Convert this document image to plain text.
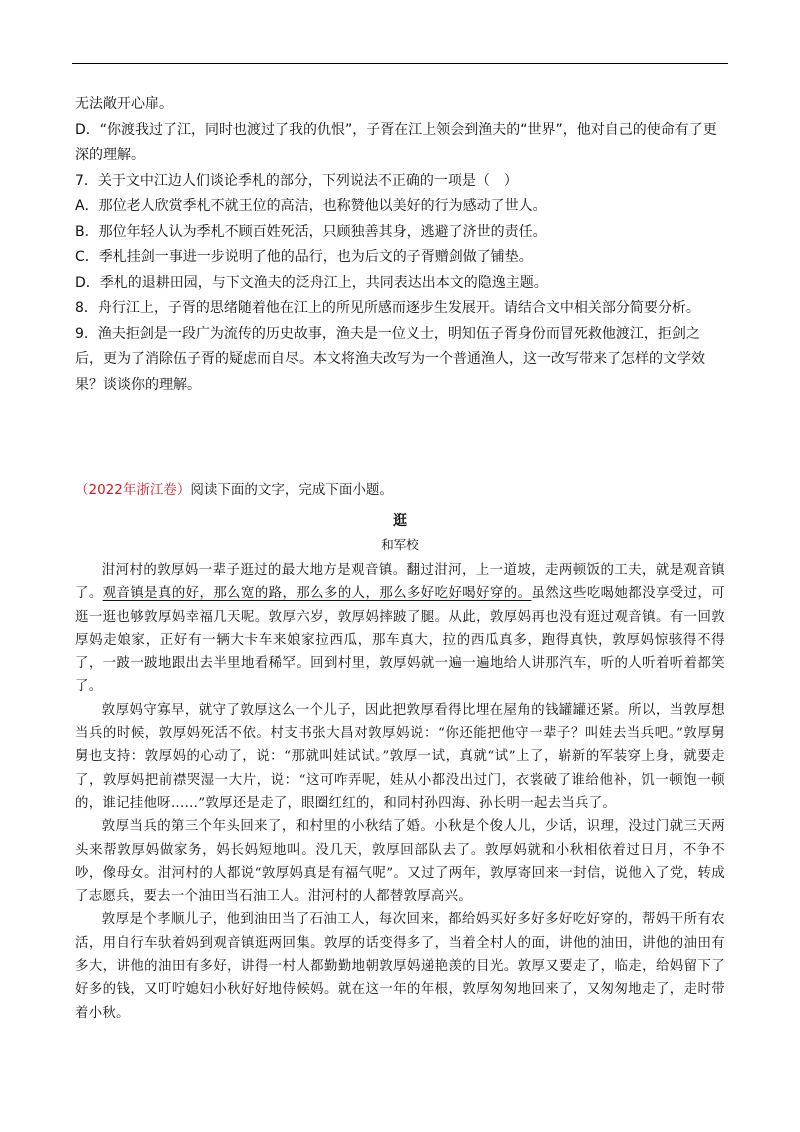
无法敞开心扉。

D．“你渡我过了江，同时也渡过了我的仇恨”，子胥在江上领会到渔夫的“世界”，他对自己的使命有了更深的理解。

7．关于文中江边人们谈论季札的部分，下列说法不正确的一项是（　）

A．那位老人欣赏季札不就王位的高洁，也称赞他以美好的行为感动了世人。

B．那位年轻人认为季札不顾百姓死活，只顾独善其身，逃避了济世的责任。

C．季札挂剑一事进一步说明了他的品行，也为后文的子胥赠剑做了铺垫。

D．季札的退耕田园，与下文渔夫的泛舟江上，共同表达出本文的隐逸主题。

8．舟行江上，子胥的思绪随着他在江上的所见所感而逐步生发展开。请结合文中相关部分简要分析。

9．渔夫拒剑是一段广为流传的历史故事，渔夫是一位义士，明知伍子胥身份而冒死救他渡江，拒剑之后，更为了消除伍子胥的疑虑而自尽。本文将渔夫改写为一个普通渔人，这一改写带来了怎样的文学效果？谈谈你的理解。

（2022年浙江卷）阅读下面的文字，完成下面小题。

逛

和军校

泔河村的敦厚妈一辈子逛过的最大地方是观音镇。翻过泔河，上一道坡，走两顿饭的工夫，就是观音镇了。观音镇是真的好，那么宽的路，那么多的人，那么多好吃好喝好穿的。虽然这些吃喝她都没享受过，可逛一逛也够敦厚妈幸福几天呢。敦厚六岁，敦厚妈摔跛了腿。从此，敦厚妈再也没有逛过观音镇。有一回敦厚妈走娘家，正好有一辆大卡车来娘家拉西瓜，那车真大，拉的西瓜真多，跑得真快，敦厚妈惊骇得不得了，一跛一跛地跟出去半里地看稀罕。回到村里，敦厚妈就一遍一遍地给人讲那汽车，听的人听着听着都笑了。

敦厚妈守寡早，就守了敦厚这么一个儿子，因此把敦厚看得比埋在屋角的钱罐罐还紧。所以，当敦厚想当兵的时候，敦厚妈死活不依。村支书张大昌对敦厚妈说：“你还能把他守一辈子？叫娃去当兵吧。”敦厚舅舅也支持：敦厚妈的心动了，说：“那就叫娃试试。”敦厚一试，真就“试”上了，崭新的军装穿上身，就要走了，敦厚妈把前襟哭湿一大片，说：“这可咋弄呢，娃从小都没出过门，衣裳破了谁给他补，饥一顿饱一顿的，谁记挂他呀……”敦厚还是走了，眼圈红红的，和同村孙四海、孙长明一起去当兵了。

敦厚当兵的第三个年头回来了，和村里的小秋结了婚。小秋是个俊人儿，少话，识理，没过门就三天两头来帮敦厚妈做家务，妈长妈短地叫。没几天，敦厚回部队去了。敦厚妈就和小秋相依着过日月，不争不吵，像母女。泔河村的人都说“敦厚妈真是有福气呢”。又过了两年，敦厚寄回来一封信，说他入了党，转成了志愿兵，要去一个油田当石油工人。泔河村的人都替敦厚高兴。

敦厚是个孝顺儿子，他到油田当了石油工人，每次回来，都给妈买好多好多好吃好穿的，帮妈干所有农活，用自行车驮着妈到观音镇逛两回集。敦厚的话变得多了，当着全村人的面，讲他的油田，讲他的油田有多大，讲他的油田有多好，讲得一村人都勤勤地朝敦厚妈递艳羡的目光。敦厚又要走了，临走，给妈留下了好多的钱，又叮咛媳妇小秋好好地侍候妈。就在这一年的年根，敦厚匆匆地回来了，又匆匆地走了，走时带着小秋。
